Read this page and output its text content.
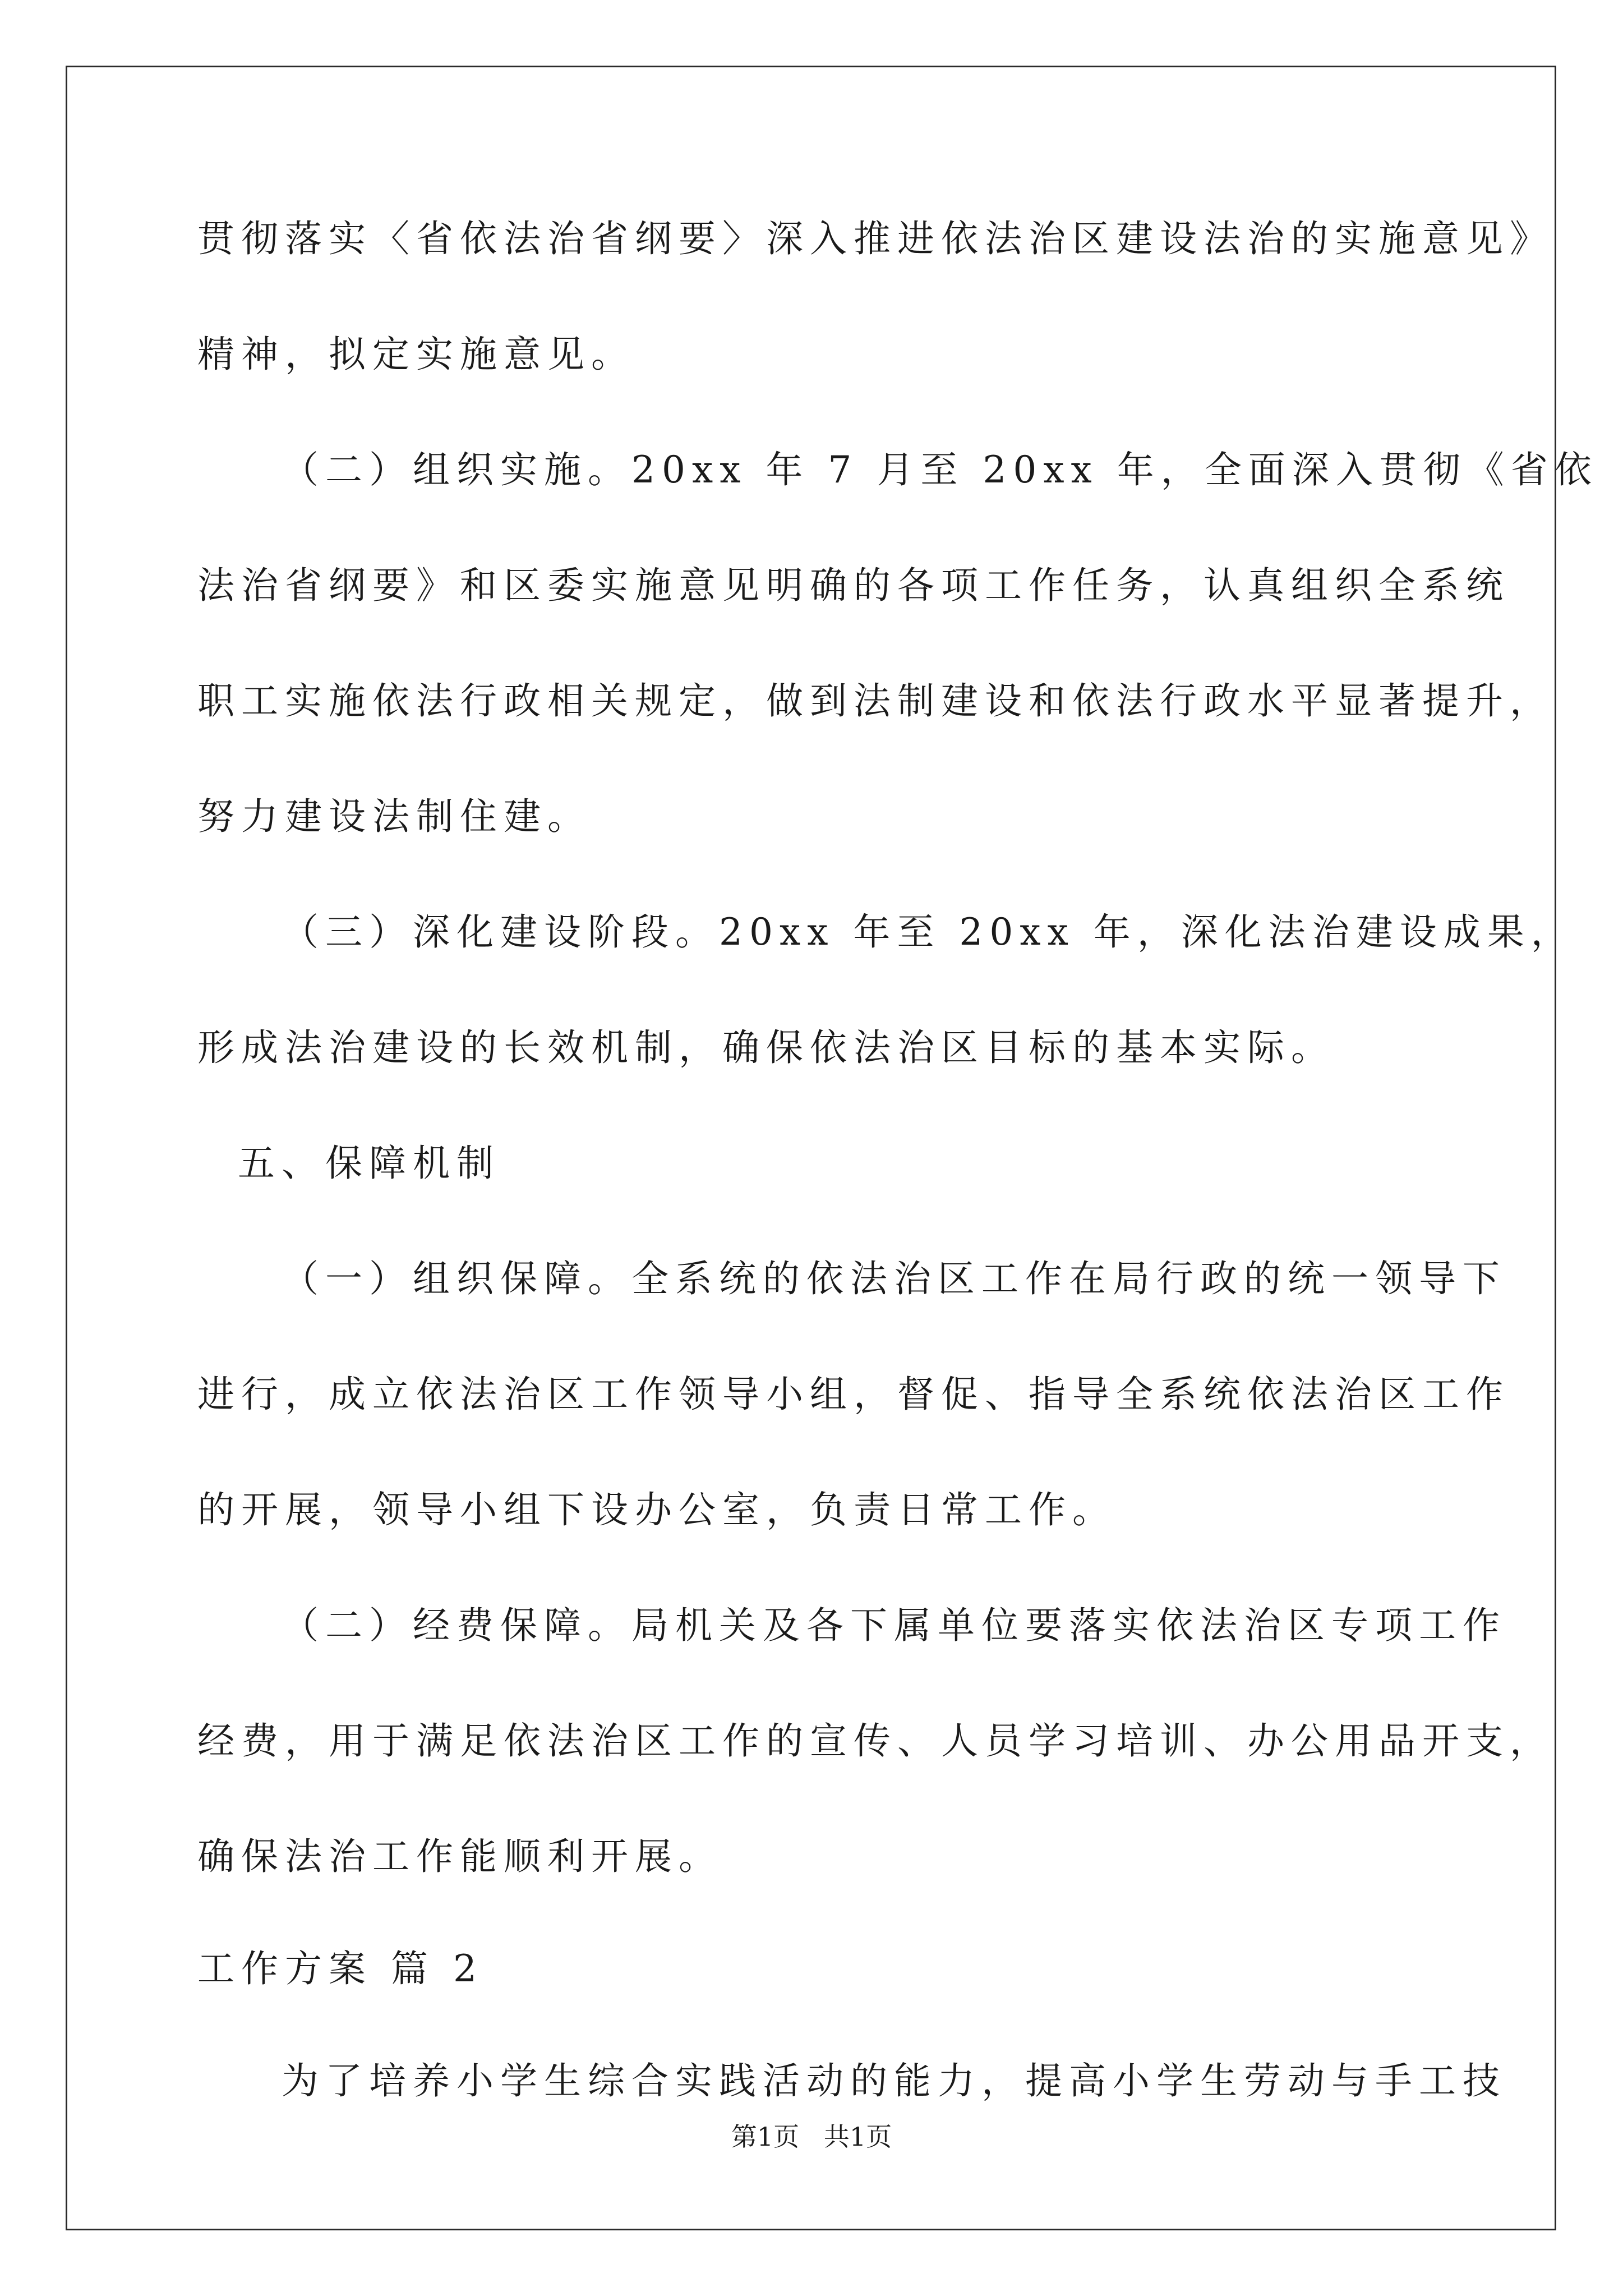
贯彻落实〈省依法治省纲要〉深入推进依法治区建设法治的实施意见》

精神，拟定实施意见。

（二）组织实施。20xx 年 7 月至 20xx 年，全面深入贯彻《省依

法治省纲要》和区委实施意见明确的各项工作任务，认真组织全系统

职工实施依法行政相关规定，做到法制建设和依法行政水平显著提升，

努力建设法制住建。

（三）深化建设阶段。20xx 年至 20xx 年，深化法治建设成果，

形成法治建设的长效机制，确保依法治区目标的基本实际。

五、保障机制

（一）组织保障。全系统的依法治区工作在局行政的统一领导下

进行，成立依法治区工作领导小组，督促、指导全系统依法治区工作

的开展，领导小组下设办公室，负责日常工作。

（二）经费保障。局机关及各下属单位要落实依法治区专项工作

经费，用于满足依法治区工作的宣传、人员学习培训、办公用品开支，

确保法治工作能顺利开展。

工作方案 篇 2

为了培养小学生综合实践活动的能力，提高小学生劳动与手工技

第1页   共1页
